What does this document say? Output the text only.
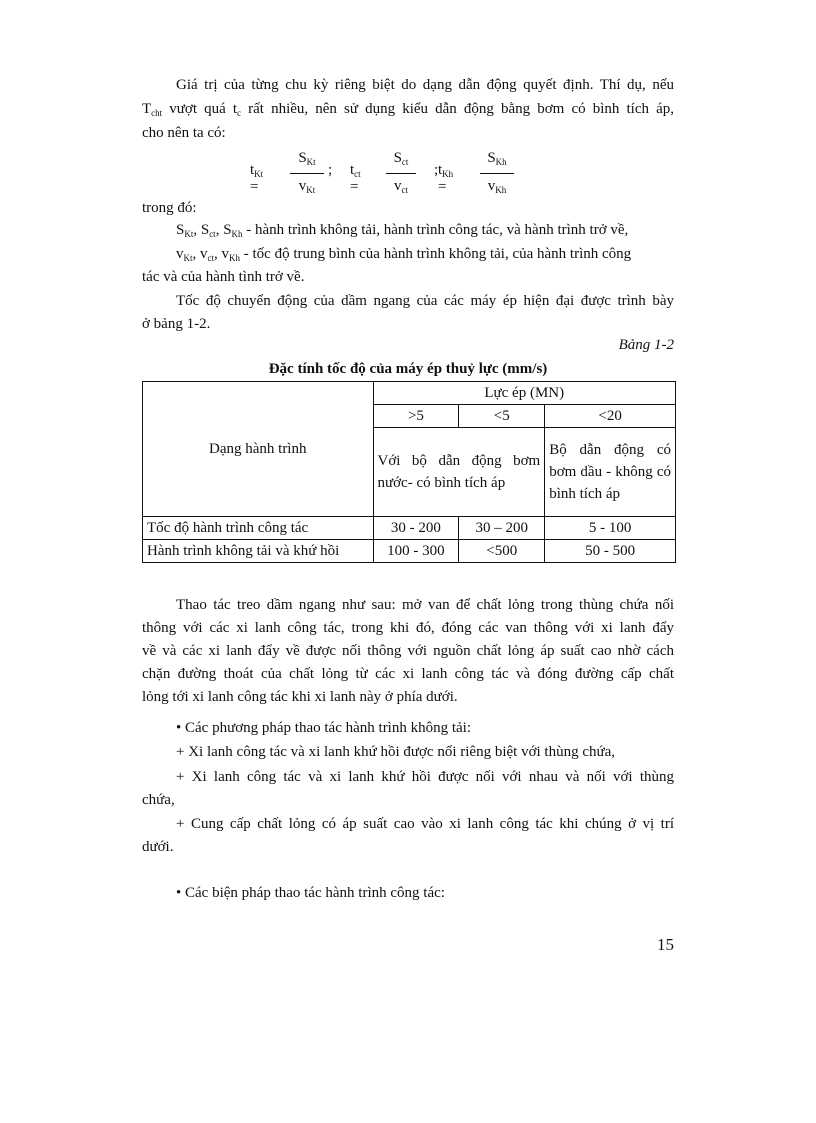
Giá trị của từng chu kỳ riêng biệt do dạng dẫn động quyết định. Thí dụ, nếu
$T_{cht}$ vượt quá $t_c$ rất nhiều, nên sử dụng kiểu dẫn động bằng bơm có bình tích áp,
cho nên ta có:
$t_{Kt}$ =
$S_{Kt}$
$v_{Kt}$
; $t_{ct}$ =
$S_{ct}$
$v_{ct}$
; $t_{Kh}$ =
$S_{Kh}$
$v_{Kh}$
trong đó:
$S_{Kt}$, $S_{ct}$, $S_{Kh}$ - hành trình không tải, hành trình công tác, và hành trình trở về,
$v_{Kt}$, $v_{ct}$, $v_{Kh}$ - tốc độ trung bình của hành trình không tải, của hành trình công
tác và của hành tình trở về.
Tốc độ chuyển động của dầm ngang của các máy ép hiện đại được trình bày
ở bảng 1-2.
Bảng 1-2
Đặc tính tốc độ của máy ép thuỷ lực (mm/s)
Dạng hành trình	Lực ép (MN)		
	>5	<5	<20
	Với bộ dẫn động bơm nước- có bình tích áp		Bộ dẫn động có bơm dầu - không có bình tích áp
Tốc độ hành trình công tác	30 - 200	30 – 200	5 - 100
Hành trình không tải và khứ hồi	100 - 300	<500	50 - 500
Thao tác treo dầm ngang như sau: mở van để chất lỏng trong thùng chứa nối
thông với các xi lanh công tác, trong khi đó, đóng các van thông với xi lanh đẩy
về và các xi lanh đẩy về được nối thông với nguồn chất lỏng áp suất cao nhờ cách
chặn đường thoát của chất lỏng từ các xi lanh công tác và đóng đường cấp chất
lỏng tới xi lanh công tác khi xi lanh này ở phía dưới.
• Các phương pháp thao tác hành trình không tải:
+ Xi lanh công tác và xi lanh khứ hồi được nối riêng biệt với thùng chứa,
+ Xi lanh công tác và xi lanh khứ hồi được nối với nhau và nối với thùng
chứa,
+ Cung cấp chất lỏng có áp suất cao vào xi lanh công tác khi chúng ở vị trí
dưới.
• Các biện pháp thao tác hành trình công tác:
15
